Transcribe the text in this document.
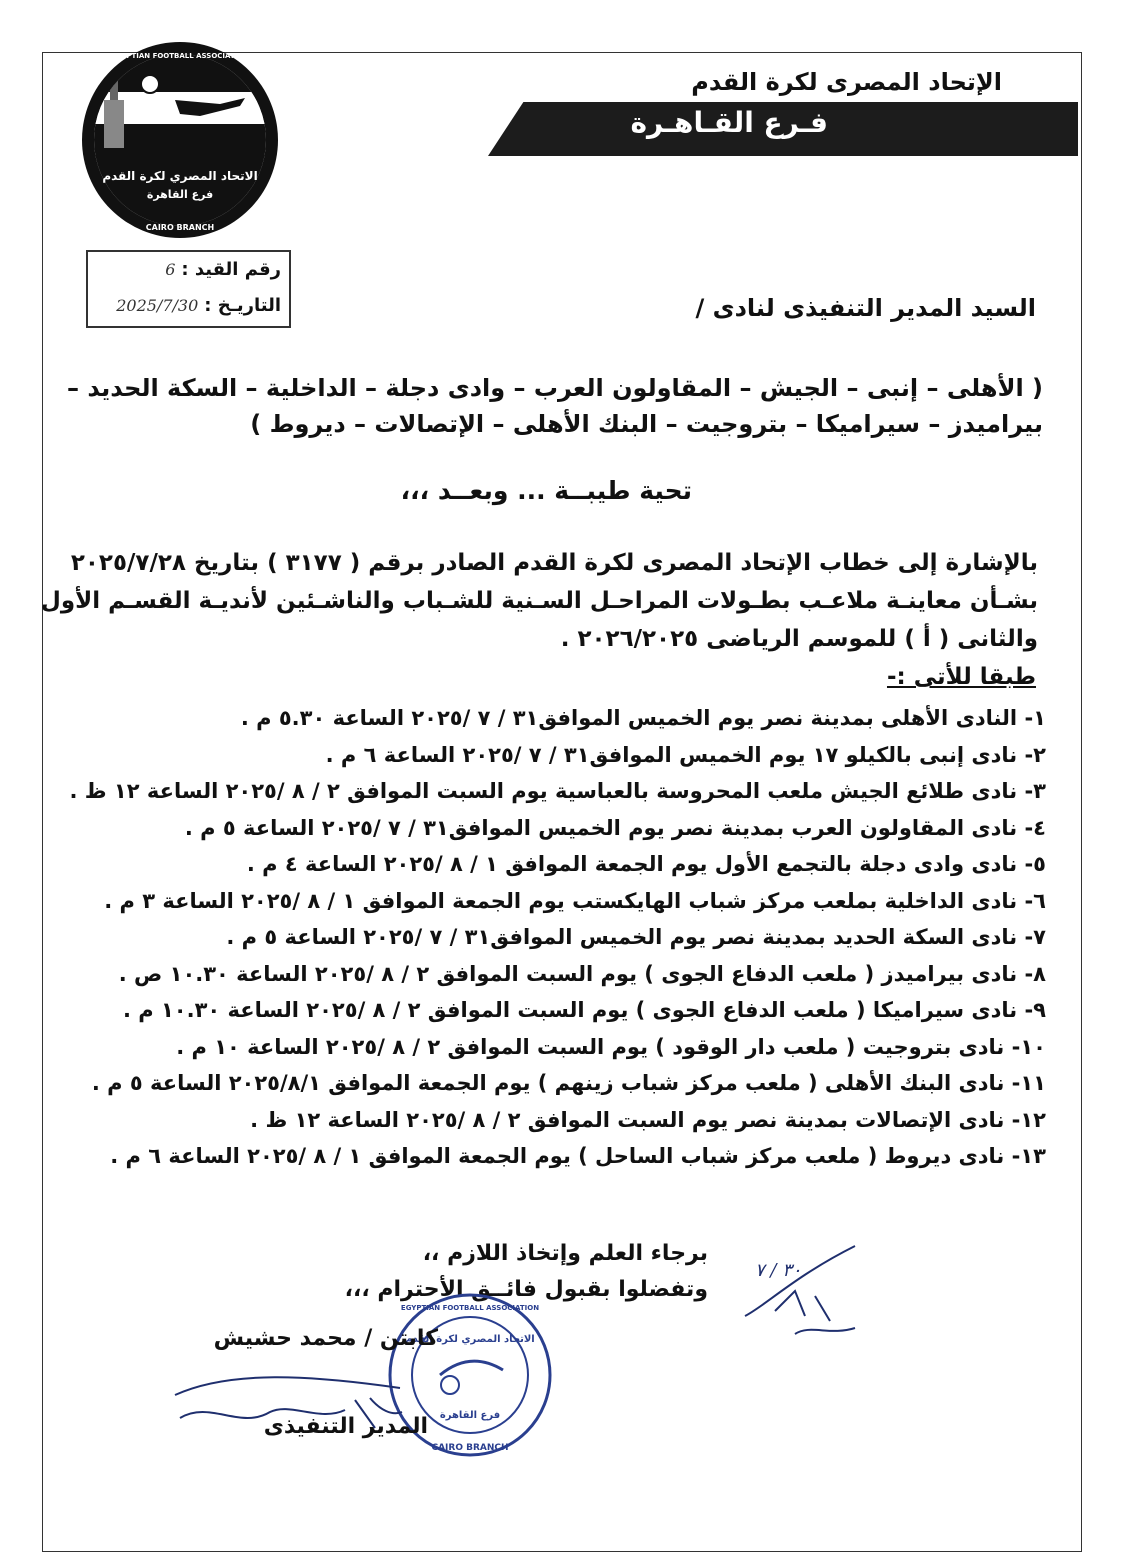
الاتحاد المصري لكرة القدم
فرع القاهرة
EGYPTIAN FOOTBALL ASSOCIATION
CAIRO BRANCH
الإتحاد المصرى لكرة القدم
فـرع القـاهـرة
رقم القيد :
6
التاريـخ :
2025/7/30	السيد المدير التنفيذى لنادى /
( الأهلى – إنبى – الجيش – المقاولون العرب – وادى دجلة – الداخلية – السكة الحديد –
بيراميدز – سيراميكا – بتروجيت – البنك الأهلى – الإتصالات – ديروط )
تحية طيبــة ... وبعــد ،،،
بالإشارة إلى خطاب الإتحاد المصرى لكرة القدم الصادر برقم ( ٣١٧٧ ) بتاريخ ٢٠٢٥/٧/٢٨
بشـأن معاينـة ملاعـب بطـولات المراحـل السـنية للشـباب والناشـئين لأنديـة القسـم الأول
والثانى ( أ ) للموسم الرياضى ٢٠٢٦/٢٠٢٥ .
طبقا للأتى :-
١- النادى الأهلى بمدينة نصر يوم الخميس الموافق٣١ / ٧ /٢٠٢٥ الساعة ٥.٣٠ م .
٢- نادى إنبى بالكيلو ١٧ يوم الخميس الموافق٣١ / ٧ /٢٠٢٥ الساعة ٦ م .
٣- نادى طلائع الجيش ملعب المحروسة بالعباسية يوم السبت الموافق ٢ / ٨ /٢٠٢٥ الساعة ١٢ ظ .
٤- نادى المقاولون العرب بمدينة نصر يوم الخميس الموافق٣١ / ٧ /٢٠٢٥ الساعة ٥ م .
٥- نادى وادى دجلة بالتجمع الأول يوم الجمعة الموافق ١ / ٨ /٢٠٢٥ الساعة ٤ م .
٦- نادى الداخلية بملعب مركز شباب الهايكستب يوم الجمعة الموافق ١ / ٨ /٢٠٢٥ الساعة ٣ م .
٧- نادى السكة الحديد بمدينة نصر يوم الخميس الموافق٣١ / ٧ /٢٠٢٥ الساعة ٥ م .
٨- نادى بيراميدز ( ملعب الدفاع الجوى ) يوم السبت الموافق ٢ / ٨ /٢٠٢٥ الساعة ١٠.٣٠ ص .
٩- نادى سيراميكا ( ملعب الدفاع الجوى ) يوم السبت الموافق ٢ / ٨ /٢٠٢٥ الساعة ١٠.٣٠ م .
١٠- نادى بتروجيت ( ملعب دار الوقود ) يوم السبت الموافق ٢ / ٨ /٢٠٢٥ الساعة ١٠ م .
١١- نادى البنك الأهلى ( ملعب مركز شباب زينهم ) يوم الجمعة الموافق ٢٠٢٥/٨/١ الساعة ٥ م .
١٢- نادى الإتصالات بمدينة نصر يوم السبت الموافق ٢ / ٨ /٢٠٢٥ الساعة ١٢ ظ .
١٣- نادى ديروط ( ملعب مركز شباب الساحل ) يوم الجمعة الموافق ١ / ٨ /٢٠٢٥ الساعة ٦ م .
برجاء العلم وإتخاذ اللازم ،،
وتفضلوا بقبول فائــق الأحترام ،،،
EGYPTIAN FOOTBALL ASSOCIATION
الاتحاد المصري لكرة القدم
فرع القاهرة
CAIRO BRANCH
كابتن / محمد حشيش
المدير التنفيذى
٣٠ / ٧
